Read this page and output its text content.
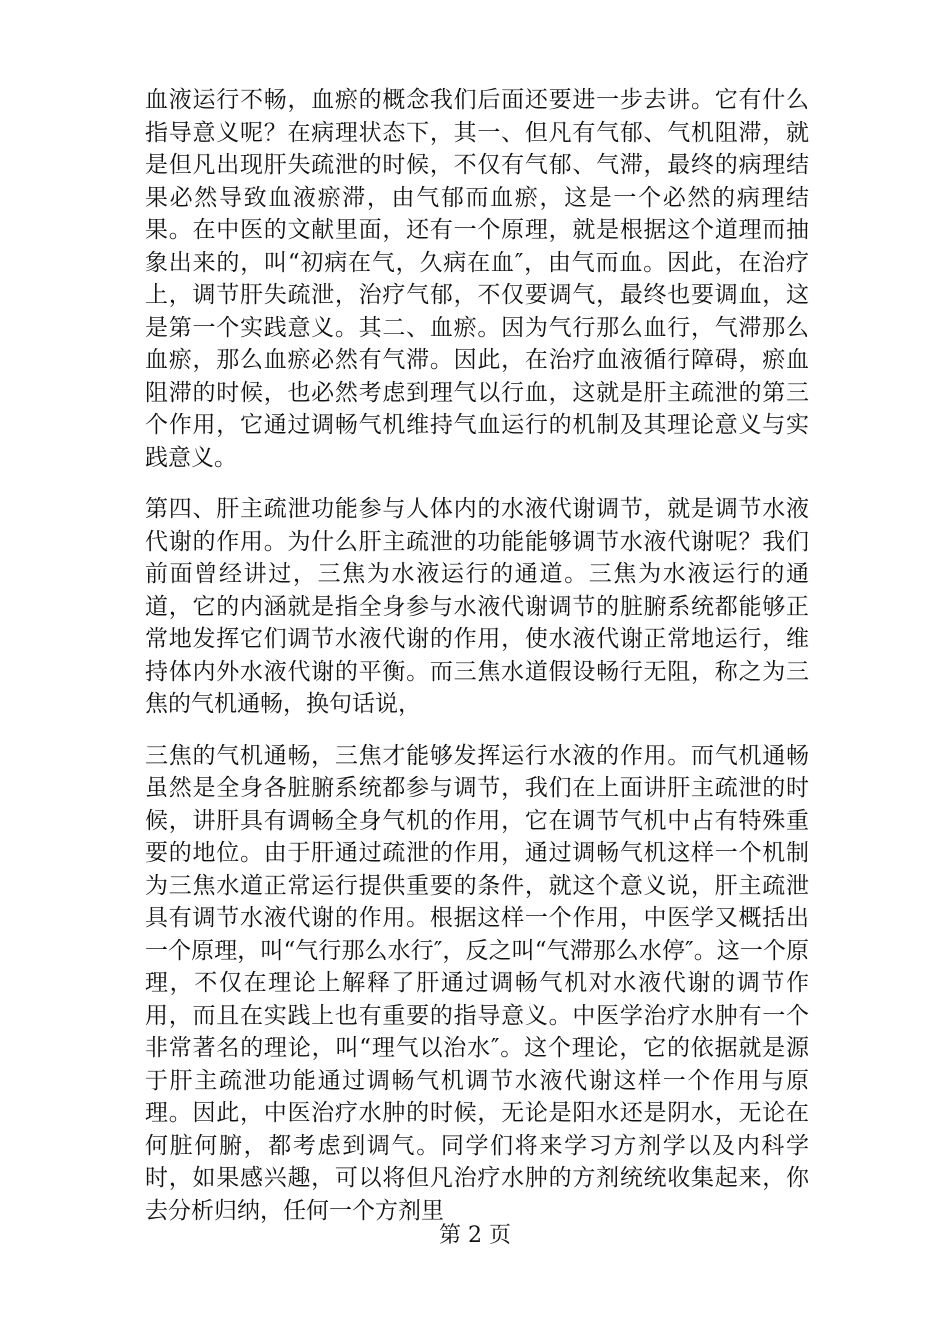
血液运行不畅，血瘀的概念我们后面还要进一步去讲。它有什么指导意义呢？在病理状态下，其一、但凡有气郁、气机阻滞，就是但凡出现肝失疏泄的时候，不仅有气郁、气滞，最终的病理结果必然导致血液瘀滞，由气郁而血瘀，这是一个必然的病理结果。在中医的文献里面，还有一个原理，就是根据这个道理而抽象出来的，叫“初病在气，久病在血″，由气而血。因此，在治疗上，调节肝失疏泄，治疗气郁，不仅要调气，最终也要调血，这是第一个实践意义。其二、血瘀。因为气行那么血行，气滞那么血瘀，那么血瘀必然有气滞。因此，在治疗血液循行障碍，瘀血阻滞的时候，也必然考虑到理气以行血，这就是肝主疏泄的第三个作用，它通过调畅气机维持气血运行的机制及其理论意义与实践意义。

第四、肝主疏泄功能参与人体内的水液代谢调节，就是调节水液代谢的作用。为什么肝主疏泄的功能能够调节水液代谢呢？我们前面曾经讲过，三焦为水液运行的通道。三焦为水液运行的通道，它的内涵就是指全身参与水液代谢调节的脏腑系统都能够正常地发挥它们调节水液代谢的作用，使水液代谢正常地运行，维持体内外水液代谢的平衡。而三焦水道假设畅行无阻，称之为三焦的气机通畅，换句话说，

三焦的气机通畅，三焦才能够发挥运行水液的作用。而气机通畅虽然是全身各脏腑系统都参与调节，我们在上面讲肝主疏泄的时候，讲肝具有调畅全身气机的作用，它在调节气机中占有特殊重要的地位。由于肝通过疏泄的作用，通过调畅气机这样一个机制为三焦水道正常运行提供重要的条件，就这个意义说，肝主疏泄具有调节水液代谢的作用。根据这样一个作用，中医学又概括出一个原理，叫“气行那么水行″，反之叫“气滞那么水停″。这一个原理，不仅在理论上解释了肝通过调畅气机对水液代谢的调节作用，而且在实践上也有重要的指导意义。中医学治疗水肿有一个非常著名的理论，叫“理气以治水″。这个理论，它的依据就是源于肝主疏泄功能通过调畅气机调节水液代谢这样一个作用与原理。因此，中医治疗水肿的时候，无论是阳水还是阴水，无论在何脏何腑，都考虑到调气。同学们将来学习方剂学以及内科学时，如果感兴趣，可以将但凡治疗水肿的方剂统统收集起来，你去分析归纳，任何一个方剂里

第 2 页
